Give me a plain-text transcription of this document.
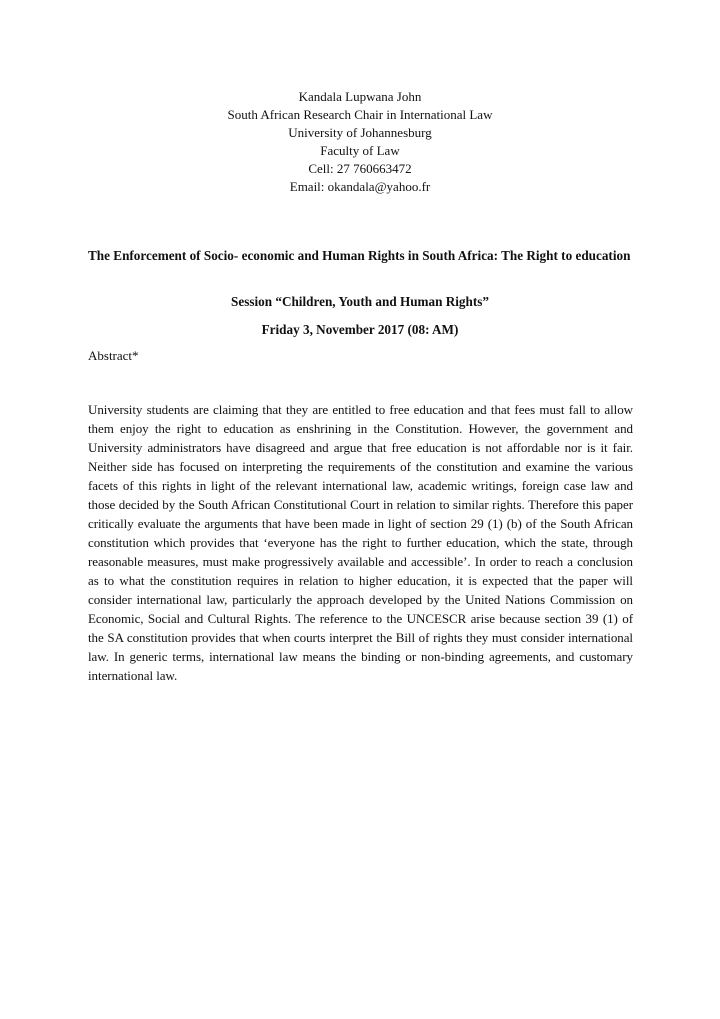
Kandala Lupwana John
South African Research Chair in International Law
University of Johannesburg
Faculty of Law
Cell: 27 760663472
Email: okandala@yahoo.fr
The Enforcement of Socio- economic and Human Rights in South Africa: The Right to education
Session “Children, Youth and Human Rights”
Friday 3, November 2017 (08: AM)
Abstract*
University students are claiming that they are entitled to free education and that fees must fall to allow them enjoy the right to education as enshrining in the Constitution. However, the government and University administrators have disagreed and argue that free education is not affordable nor is it fair. Neither side has focused on interpreting the requirements of the constitution and examine the various facets of this rights in light of the relevant international law, academic writings, foreign case law and those decided by the South African Constitutional Court in relation to similar rights. Therefore this paper critically evaluate the arguments that have been made in light of section 29 (1) (b) of the South African constitution which provides that ‘everyone has the right to further education, which the state, through reasonable measures, must make progressively available and accessible’. In order to reach a conclusion as to what the constitution requires in relation to higher education, it is expected that the paper will consider international law, particularly the approach developed by the United Nations Commission on Economic, Social and Cultural Rights. The reference to the UNCESCR arise because section 39 (1) of the SA constitution provides that when courts interpret the Bill of rights they must consider international law. In generic terms, international law means the binding or non-binding agreements, and customary international law.
